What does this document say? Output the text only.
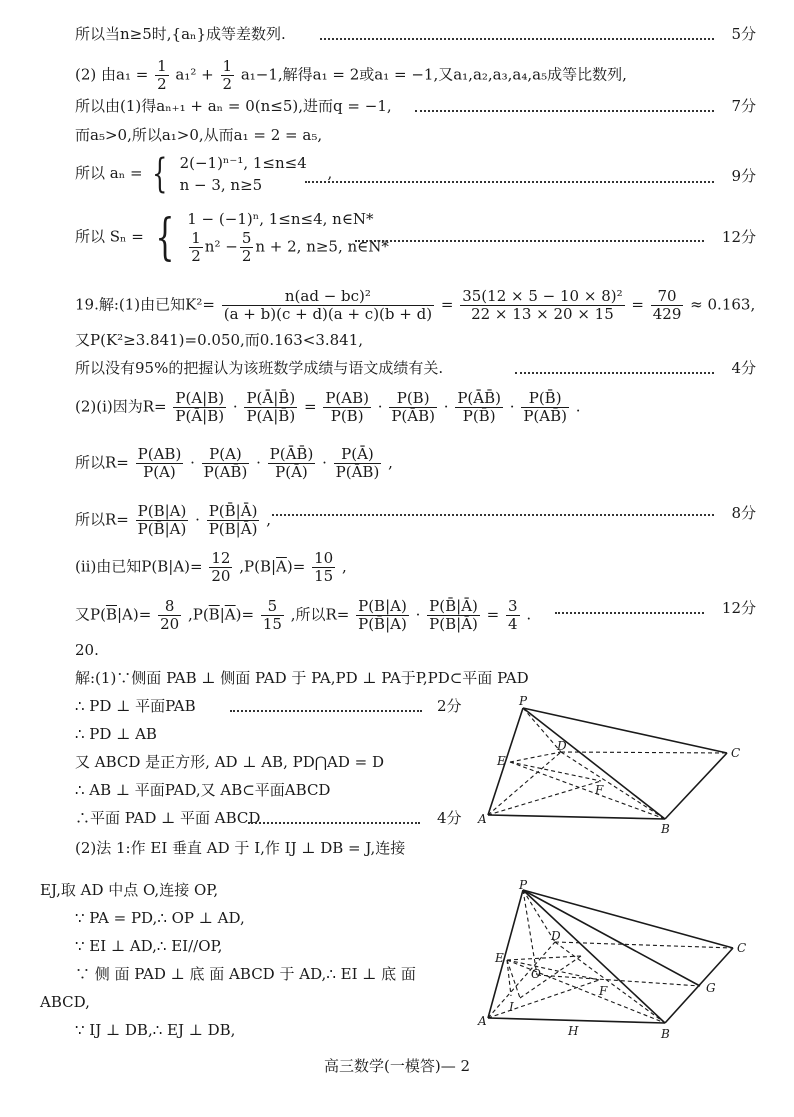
所以当n≥5时,{aₙ}成等差数列.	5分
(2) 由$a_1 = \frac{1}{2} a_1^2 + \frac{1}{2} a_1-1$,解得a₁ = 2或a₁ = −1,又a₁,a₂,a₃,a₄,a₅成等比数列,
所以由(1)得aₙ₊₁ + aₙ = 0(n≤5),进而q = −1,	7分
而a₅>0,所以a₁>0,从而a₁ = 2 = a₅,
所以 aₙ = { 2(−1)ⁿ⁻¹, 1≤n≤4
n − 3, n≥5
,	9分
所以 Sₙ = { 1 − (−1)ⁿ, 1≤n≤4, n∈N*
$\frac{1}{2} n^2 - \frac{5}{2}$ n + 2, n≥5, n∈N*
12分
19.解:(1)由已知$K^2= \frac{\text{n(ad − bc)²}}{(a + b)(c + d)(a + c)(b + d)} = \frac{\text{35(12 × 5 − 10 × 8)²}}{22 \times 13 \times 20 \times 15} = \frac{70}{429} \approx 0.163$,
又P(K²≥3.841)=0.050,而0.163<3.841,
所以没有95%的把握认为该班数学成绩与语文成绩有关.	4分
(2)(i)因为$R= \frac{P(A|B)}{P(Ā|B)} \cdot \frac{P(Ā|B̄)}{P(A|B̄)} = \frac{P(AB)}{P(B)} \cdot \frac{P(B)}{P(ĀB)} \cdot \frac{P(ĀB̄)}{P(B̄)} \cdot \frac{P(B̄)}{P(AB̄)}$ .
所以$R= \frac{P(AB)}{P(A)} \cdot \frac{P(A)}{P(AB̄)} \cdot \frac{P(ĀB̄)}{P(Ā)} \cdot \frac{P(Ā)}{P(ĀB)}$ ,
所以$R= \frac{P(B|A)}{P(B̄|A)} \cdot \frac{P(B̄|Ā)}{P(B|Ā)}$ ,	8分
(ii)由已知$P(B|A)= \frac{12}{20} ,P(B|\overline{A})= \frac{10}{15}$ ,
又$P(\overline{B}|A)= \frac{8}{20} ,P(\overline{B}|\overline{A})= \frac{5}{15}$ ,所以$R= \frac{P(B|A)}{P(B̄|A)} \cdot \frac{P(B̄|Ā)}{P(B|Ā)} = \frac{3}{4}$ .	12分
20.
解:(1)∵侧面 PAB ⊥ 侧面 PAD 于 PA,PD ⊥ PA于P,PD⊂平面 PAD
∴ PD ⊥ 平面PAB	2分
∴ PD ⊥ AB
又 ABCD 是正方形, AD ⊥ AB, PD⋂AD = D
∴ AB ⊥ 平面PAD,又 AB⊂平面ABCD
∴平面 PAD ⊥ 平面 ABCD	4分
(2)法 1:作 EI 垂直 AD 于 I,作 IJ ⊥ DB = J,连接
EJ,取 AD 中点 O,连接 OP,
∵ PA = PD,∴ OP ⊥ AD,
∵ EI ⊥ AD,∴ EI//OP,
∵ 侧 面 PAD ⊥ 底 面 ABCD 于 AD,∴ EI ⊥ 底 面
ABCD,
∵ IJ ⊥ DB,∴ EJ ⊥ DB,
P
C
D
E
F
A
B
P
C
D
E
O
F	G
I
A
H	B
高三数学(一模答)— 2
